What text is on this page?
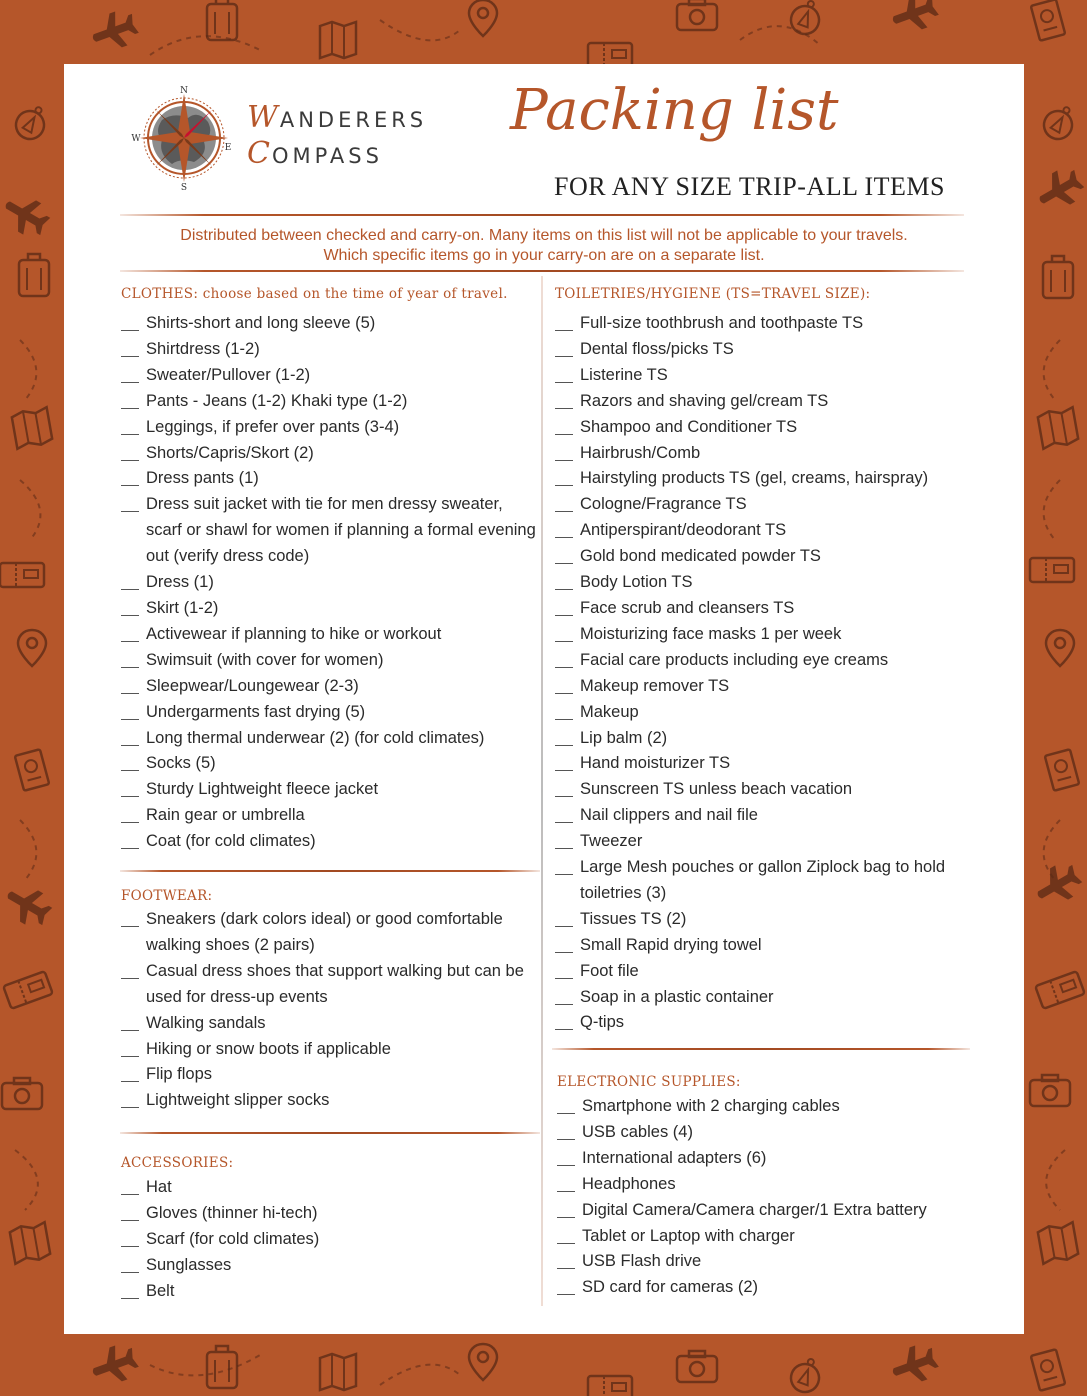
N
S
W
E
WANDERERS
COMPASS
Packing list
FOR ANY SIZE TRIP-ALL ITEMS
Distributed between checked and carry-on. Many items on this list will not be applicable to your travels.
Which specific items go in your carry-on are on a separate list.
CLOTHES: choose based on the time of year of travel.
Shirts-short and long sleeve (5)
Shirtdress (1-2)
Sweater/Pullover (1-2)
Pants - Jeans (1-2) Khaki type (1-2)
Leggings, if prefer over pants (3-4)
Shorts/Capris/Skort (2)
Dress pants (1)
Dress suit jacket with tie for men dressy sweater, scarf or shawl for women if planning a formal evening out (verify dress code)
Dress (1)
Skirt (1-2)
Activewear if planning to hike or workout
Swimsuit (with cover for women)
Sleepwear/Loungewear (2-3)
Undergarments fast drying (5)
Long thermal underwear (2) (for cold climates)
Socks (5)
Sturdy Lightweight fleece jacket
Rain gear or umbrella
Coat (for cold climates)
FOOTWEAR:
Sneakers (dark colors ideal) or good comfortable walking shoes (2 pairs)
Casual dress shoes that support walking but can be used for dress-up events
Walking sandals
Hiking or snow boots if applicable
Flip flops
Lightweight slipper socks
ACCESSORIES:
Hat
Gloves (thinner hi-tech)
Scarf (for cold climates)
Sunglasses
Belt
TOILETRIES/HYGIENE (TS=TRAVEL SIZE):
Full-size toothbrush and toothpaste TS
Dental floss/picks TS
Listerine TS
Razors and shaving gel/cream TS
Shampoo and Conditioner TS
Hairbrush/Comb
Hairstyling products TS (gel, creams, hairspray)
Cologne/Fragrance TS
Antiperspirant/deodorant TS
Gold bond medicated powder TS
Body Lotion TS
Face scrub and cleansers TS
Moisturizing face masks 1 per week
Facial care products including eye creams
Makeup remover TS
Makeup
Lip balm (2)
Hand moisturizer TS
Sunscreen TS unless beach vacation
Nail clippers and nail file
Tweezer
Large Mesh pouches or gallon Ziplock bag to hold toiletries (3)
Tissues TS (2)
Small Rapid drying towel
Foot file
Soap in a plastic container
Q-tips
ELECTRONIC SUPPLIES:
Smartphone with 2 charging cables
USB cables (4)
International adapters (6)
Headphones
Digital Camera/Camera charger/1 Extra battery
Tablet or Laptop with charger
USB Flash drive
SD card for cameras (2)
